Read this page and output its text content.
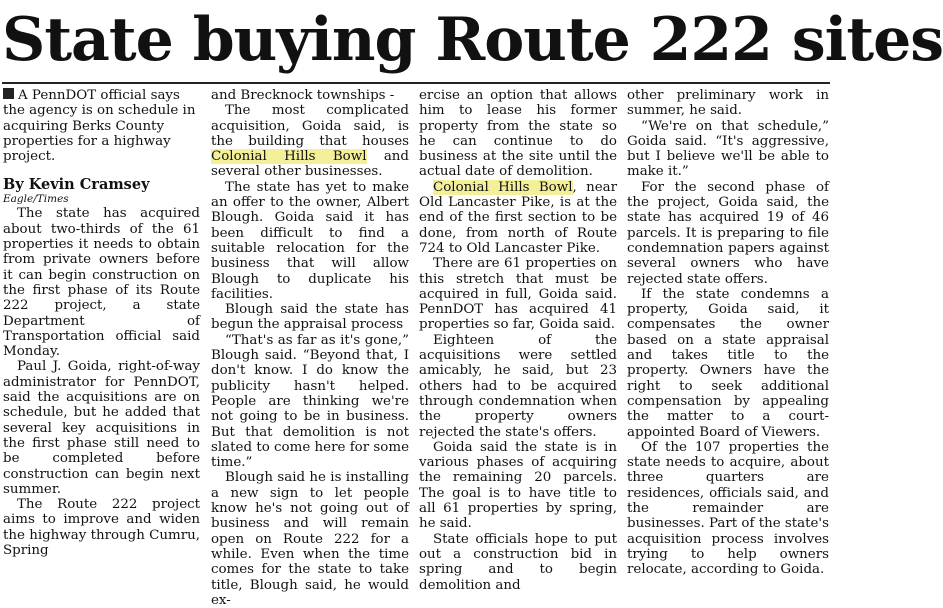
State buying Route 222 sites

A PennDOT official says the agency is on schedule in acquiring Berks County properties for a highway project.

By Kevin Cramsey

Eagle/Times

The state has acquired about two-thirds of the 61 properties it needs to obtain from private owners before it can begin construction on the first phase of its Route 222 project, a state Department of Transportation official said Monday.

Paul J. Goida, right-of-way administrator for PennDOT, said the acquisitions are on schedule, but he added that several key acquisitions in the first phase still need to be completed before construction can begin next summer.

The Route 222 project aims to improve and widen the highway through Cumru, Spring

and Brecknock townships -

The most complicated acquisition, Goida said, is the building that houses Colonial Hills Bowl and several other businesses.

The state has yet to make an offer to the owner, Albert Blough. Goida said it has been difficult to find a suitable relocation for the business that will allow Blough to duplicate his facilities.

Blough said the state has begun the appraisal process

“That's as far as it's gone,” Blough said. “Beyond that, I don't know. I do know the publicity hasn't helped. People are thinking we're not going to be in business. But that demolition is not slated to come here for some time.”

Blough said he is installing a new sign to let people know he's not going out of business and will remain open on Route 222 for a while. Even when the time comes for the state to take title, Blough said, he would ex-

ercise an option that allows him to lease his former property from the state so he can continue to do business at the site until the actual date of demolition.

Colonial Hills Bowl, near Old Lancaster Pike, is at the end of the first section to be done, from north of Route 724 to Old Lancaster Pike.

There are 61 properties on this stretch that must be acquired in full, Goida said. PennDOT has acquired 41 properties so far, Goida said.

Eighteen of the acquisitions were settled amicably, he said, but 23 others had to be acquired through condemnation when the property owners rejected the state's offers.

Goida said the state is in various phases of acquiring the remaining 20 parcels. The goal is to have title to all 61 properties by spring, he said.

State officials hope to put out a construction bid in spring and to begin demolition and

other preliminary work in summer, he said.

“We're on that schedule,” Goida said. “It's aggressive, but I believe we'll be able to make it.”

For the second phase of the project, Goida said, the state has acquired 19 of 46 parcels. It is preparing to file condemnation papers against several owners who have rejected state offers.

If the state condemns a property, Goida said, it compensates the owner based on a state appraisal and takes title to the property. Owners have the right to seek additional compensation by appealing the matter to a court-appointed Board of Viewers.

Of the 107 properties the state needs to acquire, about three quarters are residences, officials said, and the remainder are businesses. Part of the state's acquisition process involves trying to help owners relocate, according to Goida.
